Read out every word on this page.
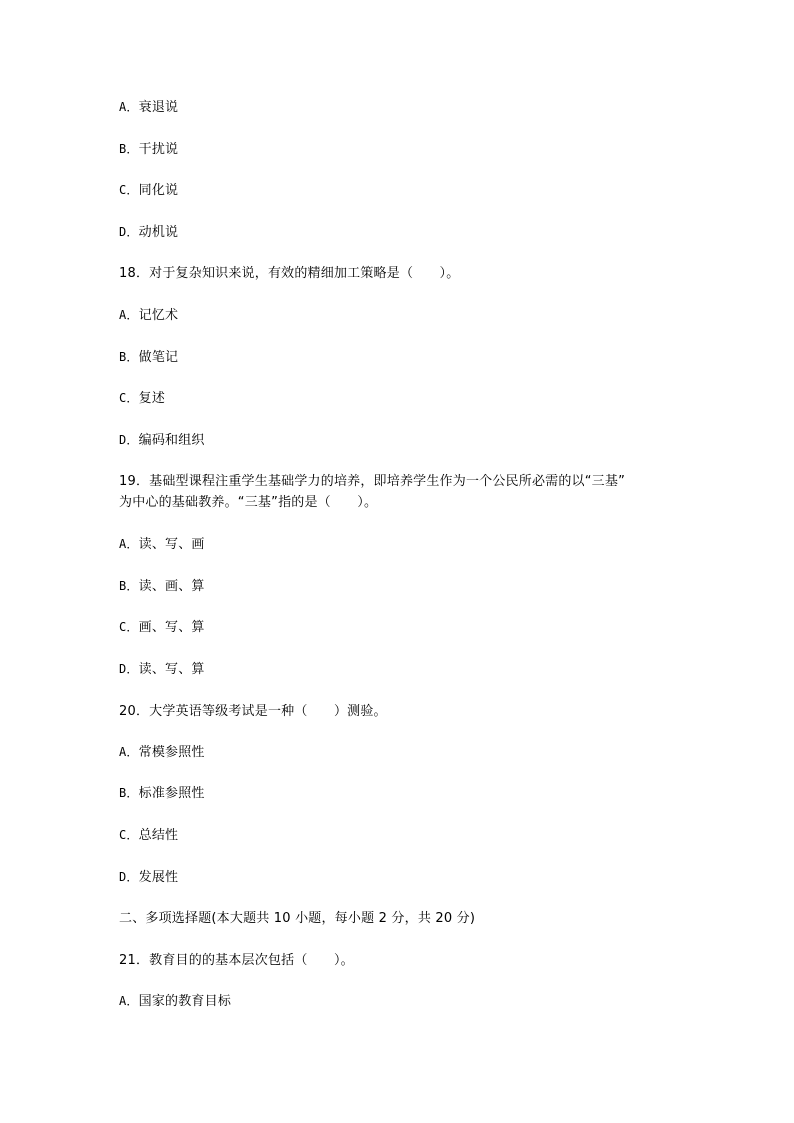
A．衰退说
B．干扰说
C．同化说
D．动机说
18．对于复杂知识来说，有效的精细加工策略是（　　）。
A．记忆术
B．做笔记
C．复述
D．编码和组织
19．基础型课程注重学生基础学力的培养，即培养学生作为一个公民所必需的以“三基”
为中心的基础教养。“三基”指的是（　　）。
A．读、写、画
B．读、画、算
C．画、写、算
D．读、写、算
20．大学英语等级考试是一种（　　）测验。
A．常模参照性
B．标准参照性
C．总结性
D．发展性
二、多项选择题(本大题共 10 小题，每小题 2 分，共 20 分)
21．教育目的的基本层次包括（　　）。
A．国家的教育目标
